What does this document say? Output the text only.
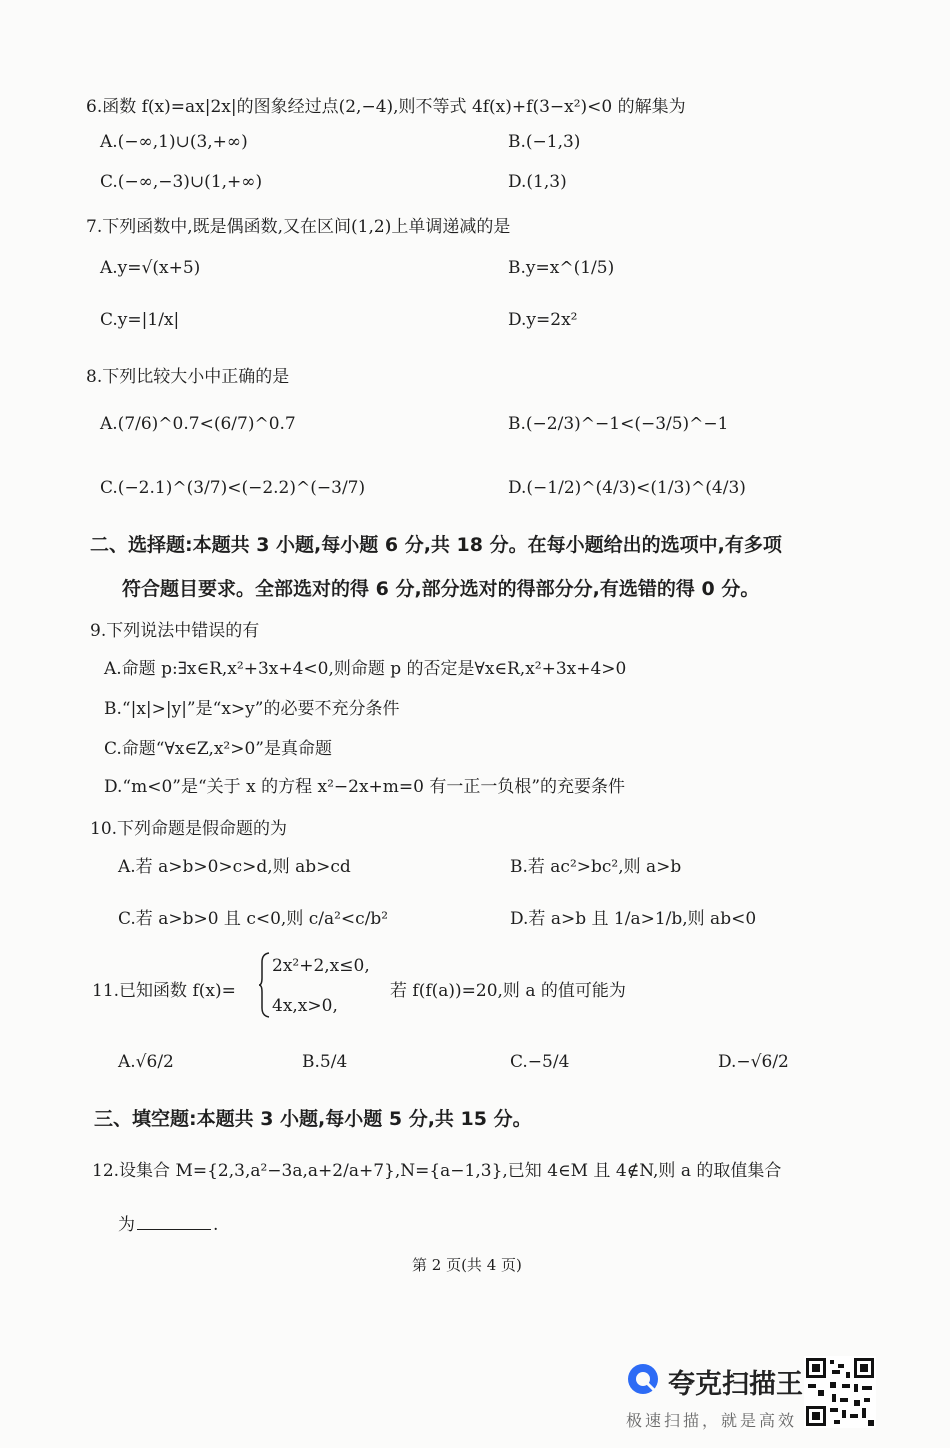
6.函数 f(x)=ax|2x|的图象经过点(2,−4),则不等式 4f(x)+f(3−x²)<0 的解集为
A.(−∞,1)∪(3,+∞)	B.(−1,3)
C.(−∞,−3)∪(1,+∞)	D.(1,3)
7.下列函数中,既是偶函数,又在区间(1,2)上单调递减的是
A.y=√(x+5)	B.y=x^(1/5)
C.y=|1/x|	D.y=2x²
8.下列比较大小中正确的是
A.(7/6)^0.7<(6/7)^0.7	B.(−2/3)^−1<(−3/5)^−1
C.(−2.1)^(3/7)<(−2.2)^(−3/7)	D.(−1/2)^(4/3)<(1/3)^(4/3)
二、选择题:本题共 3 小题,每小题 6 分,共 18 分。在每小题给出的选项中,有多项
符合题目要求。全部选对的得 6 分,部分选对的得部分分,有选错的得 0 分。
9.下列说法中错误的有
A.命题 p:∃x∈R,x²+3x+4<0,则命题 p 的否定是∀x∈R,x²+3x+4>0
B.“|x|>|y|”是“x>y”的必要不充分条件
C.命题“∀x∈Z,x²>0”是真命题
D.“m<0”是“关于 x 的方程 x²−2x+m=0 有一正一负根”的充要条件
10.下列命题是假命题的为
A.若 a>b>0>c>d,则 ab>cd	B.若 ac²>bc²,则 a>b
C.若 a>b>0 且 c<0,则 c/a²<c/b²	D.若 a>b 且 1/a>1/b,则 ab<0
11.已知函数 f(x)=
2x²+2,x≤0,
4x,x>0,
若 f(f(a))=20,则 a 的值可能为
A.√6/2	B.5/4	C.−5/4	D.−√6/2
三、填空题:本题共 3 小题,每小题 5 分,共 15 分。
12.设集合 M={2,3,a²−3a,a+2/a+7},N={a−1,3},已知 4∈M 且 4∉N,则 a 的取值集合
为	.
第 2 页(共 4 页)
夸克扫描王
极速扫描，就是高效
